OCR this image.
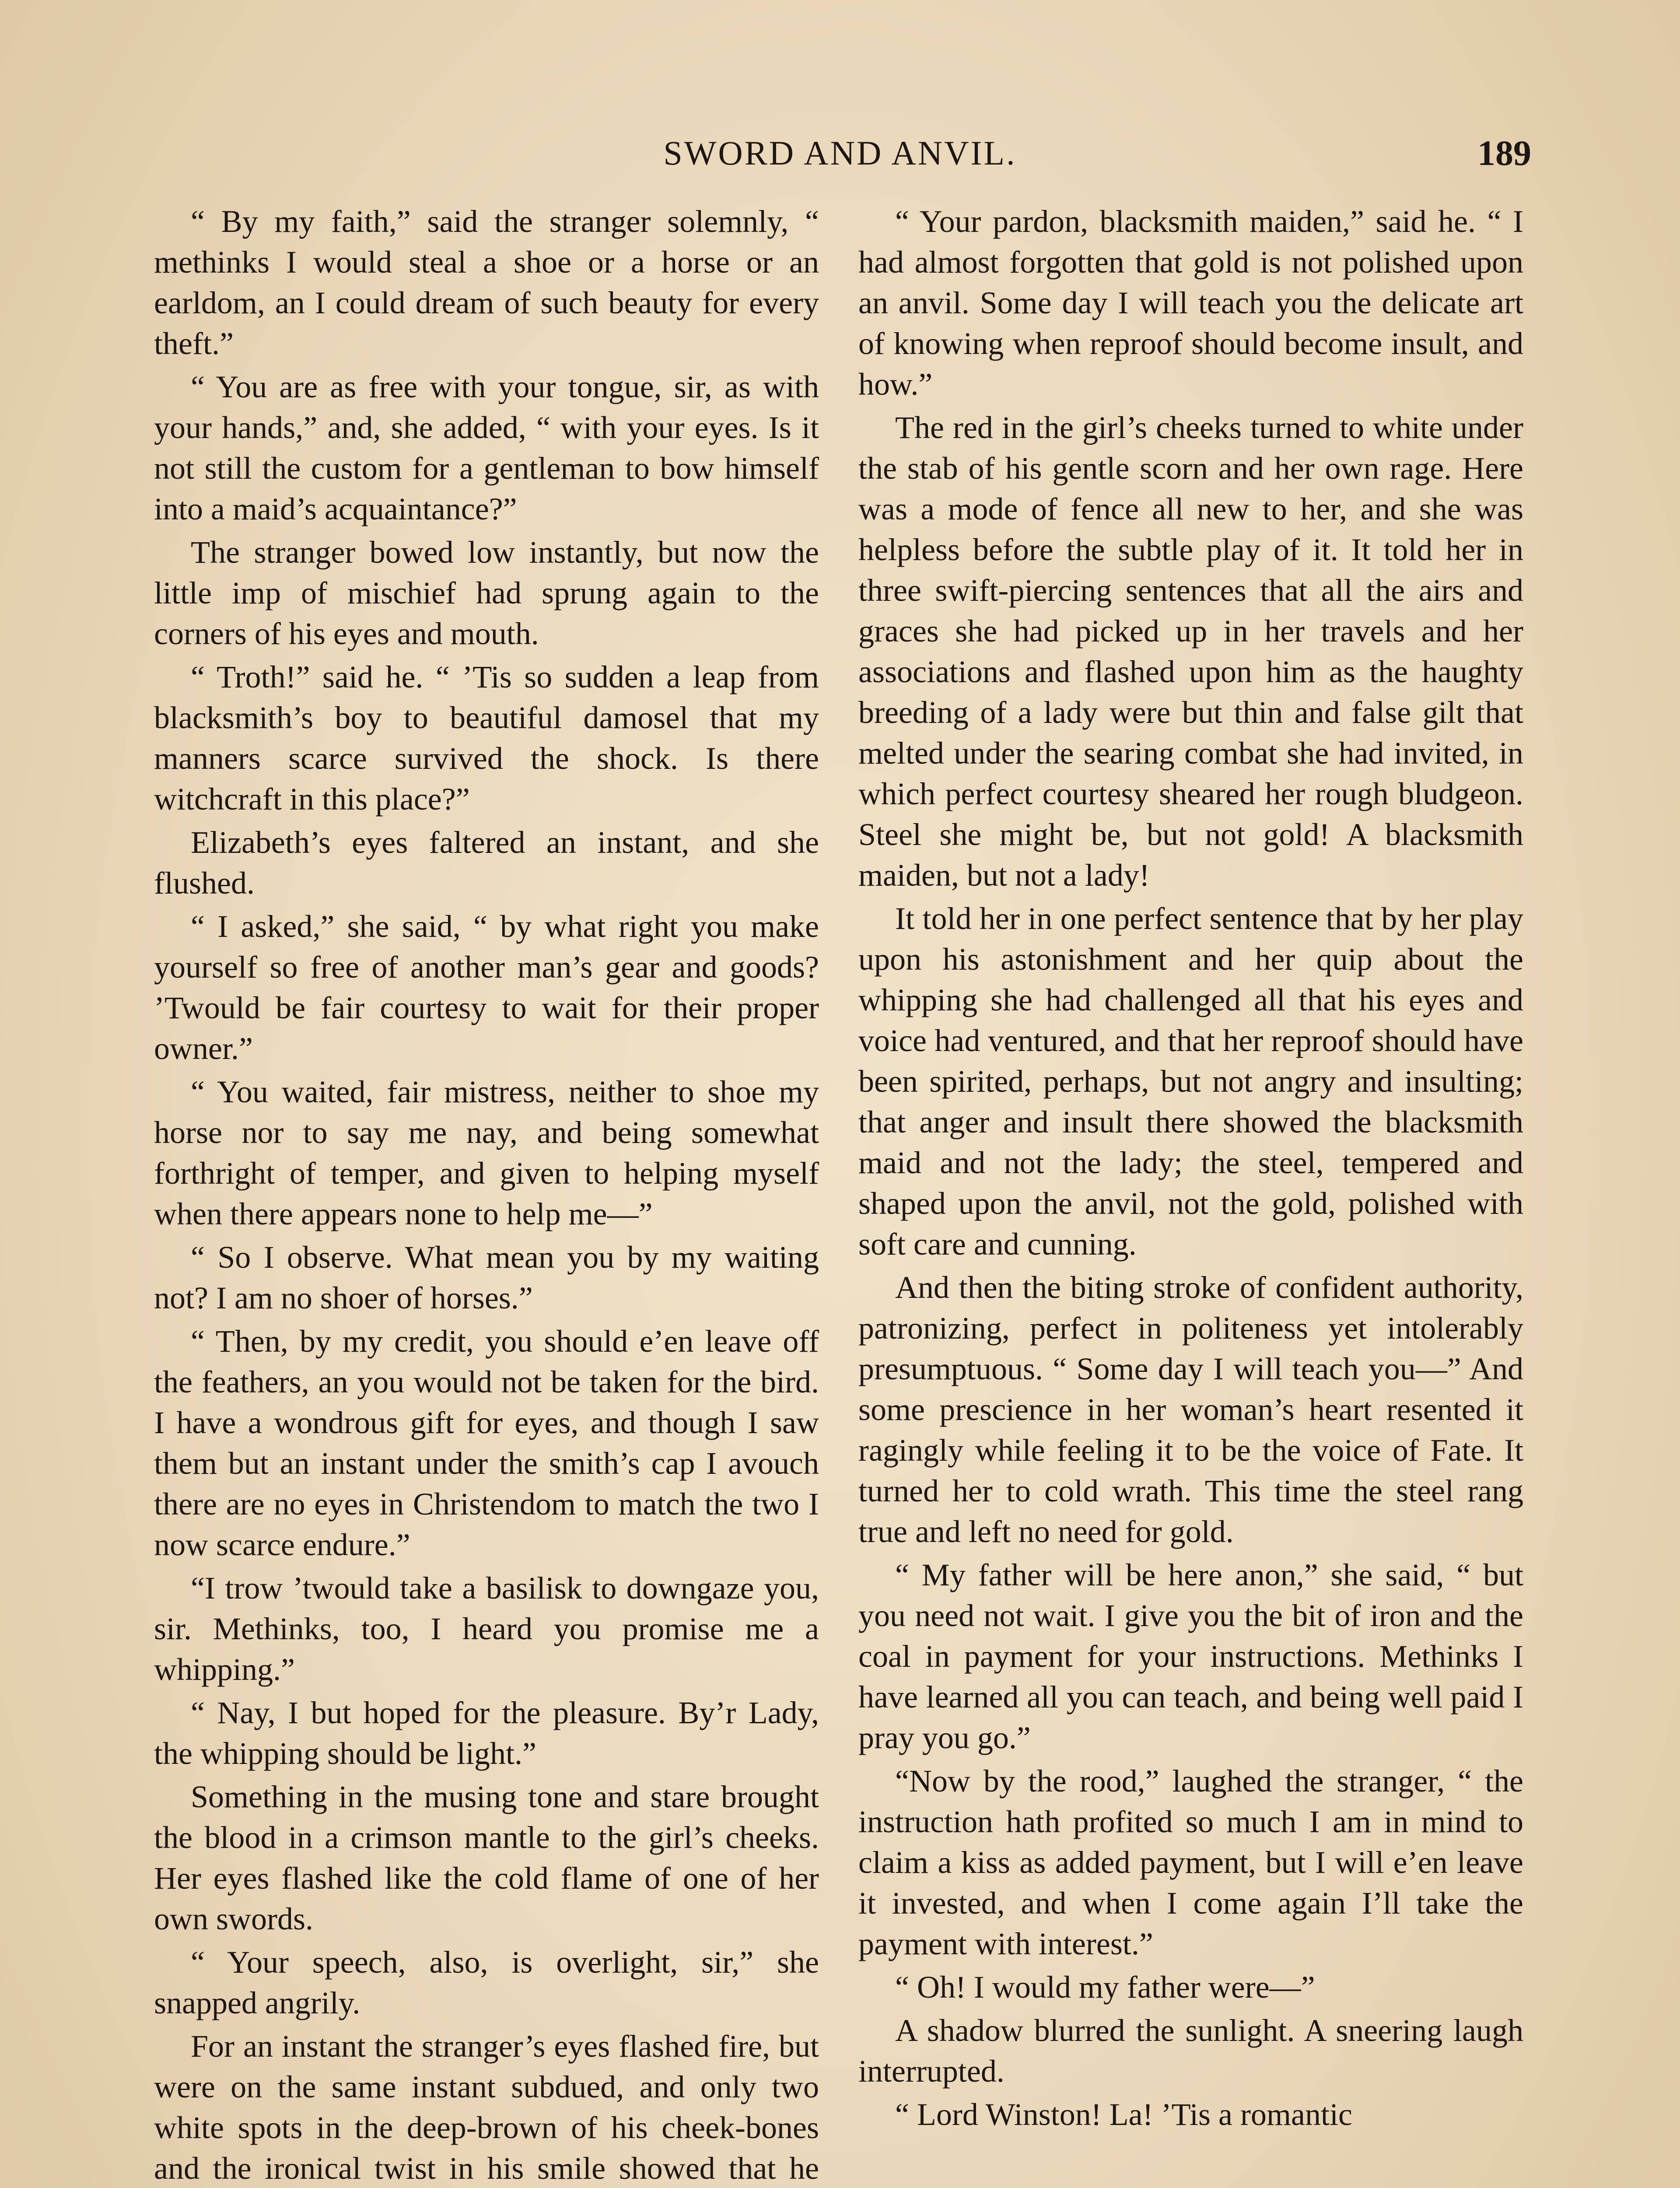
SWORD AND ANVIL.	189

“ By my faith,” said the stranger solemnly, “ methinks I would steal a shoe or a horse or an earldom, an I could dream of such beauty for every theft.”

“ You are as free with your tongue, sir, as with your hands,” and, she added, “ with your eyes. Is it not still the custom for a gentleman to bow himself into a maid’s acquaintance?”

The stranger bowed low instantly, but now the little imp of mischief had sprung again to the corners of his eyes and mouth.

“ Troth!” said he. “ ’Tis so sudden a leap from blacksmith’s boy to beautiful damosel that my manners scarce survived the shock. Is there witchcraft in this place?”

Elizabeth’s eyes faltered an instant, and she flushed.

“ I asked,” she said, “ by what right you make yourself so free of another man’s gear and goods? ’Twould be fair courtesy to wait for their proper owner.”

“ You waited, fair mistress, neither to shoe my horse nor to say me nay, and being somewhat forthright of temper, and given to helping myself when there appears none to help me—”

“ So I observe. What mean you by my waiting not? I am no shoer of horses.”

“ Then, by my credit, you should e’en leave off the feathers, an you would not be taken for the bird. I have a wondrous gift for eyes, and though I saw them but an instant under the smith’s cap I avouch there are no eyes in Christendom to match the two I now scarce endure.”

“I trow ’twould take a basilisk to downgaze you, sir. Methinks, too, I heard you promise me a whipping.”

“ Nay, I but hoped for the pleasure. By’r Lady, the whipping should be light.”

Something in the musing tone and stare brought the blood in a crimson mantle to the girl’s cheeks. Her eyes flashed like the cold flame of one of her own swords.

“ Your speech, also, is overlight, sir,” she snapped angrily.

For an instant the stranger’s eyes flashed fire, but were on the same instant subdued, and only two white spots in the deep-brown of his cheek-bones and the ironical twist in his smile showed that he

“ Your pardon, blacksmith maiden,” said he. “ I had almost forgotten that gold is not polished upon an anvil. Some day I will teach you the delicate art of knowing when reproof should become insult, and how.”

The red in the girl’s cheeks turned to white under the stab of his gentle scorn and her own rage. Here was a mode of fence all new to her, and she was helpless before the subtle play of it. It told her in three swift-piercing sentences that all the airs and graces she had picked up in her travels and her associations and flashed upon him as the haughty breeding of a lady were but thin and false gilt that melted under the searing combat she had invited, in which perfect courtesy sheared her rough bludgeon. Steel she might be, but not gold! A blacksmith maiden, but not a lady!

It told her in one perfect sentence that by her play upon his astonishment and her quip about the whipping she had challenged all that his eyes and voice had ventured, and that her reproof should have been spirited, perhaps, but not angry and insulting; that anger and insult there showed the blacksmith maid and not the lady; the steel, tempered and shaped upon the anvil, not the gold, polished with soft care and cunning.

And then the biting stroke of confident authority, patronizing, perfect in politeness yet intolerably presumptuous. “ Some day I will teach you—” And some prescience in her woman’s heart resented it ragingly while feeling it to be the voice of Fate. It turned her to cold wrath. This time the steel rang true and left no need for gold.

“ My father will be here anon,” she said, “ but you need not wait. I give you the bit of iron and the coal in payment for your instructions. Methinks I have learned all you can teach, and being well paid I pray you go.”

“Now by the rood,” laughed the stranger, “ the instruction hath profited so much I am in mind to claim a kiss as added payment, but I will e’en leave it invested, and when I come again I’ll take the payment with interest.”

“ Oh! I would my father were—”

A shadow blurred the sunlight. A sneering laugh interrupted.

“ Lord Winston! La! ’Tis a romantic
